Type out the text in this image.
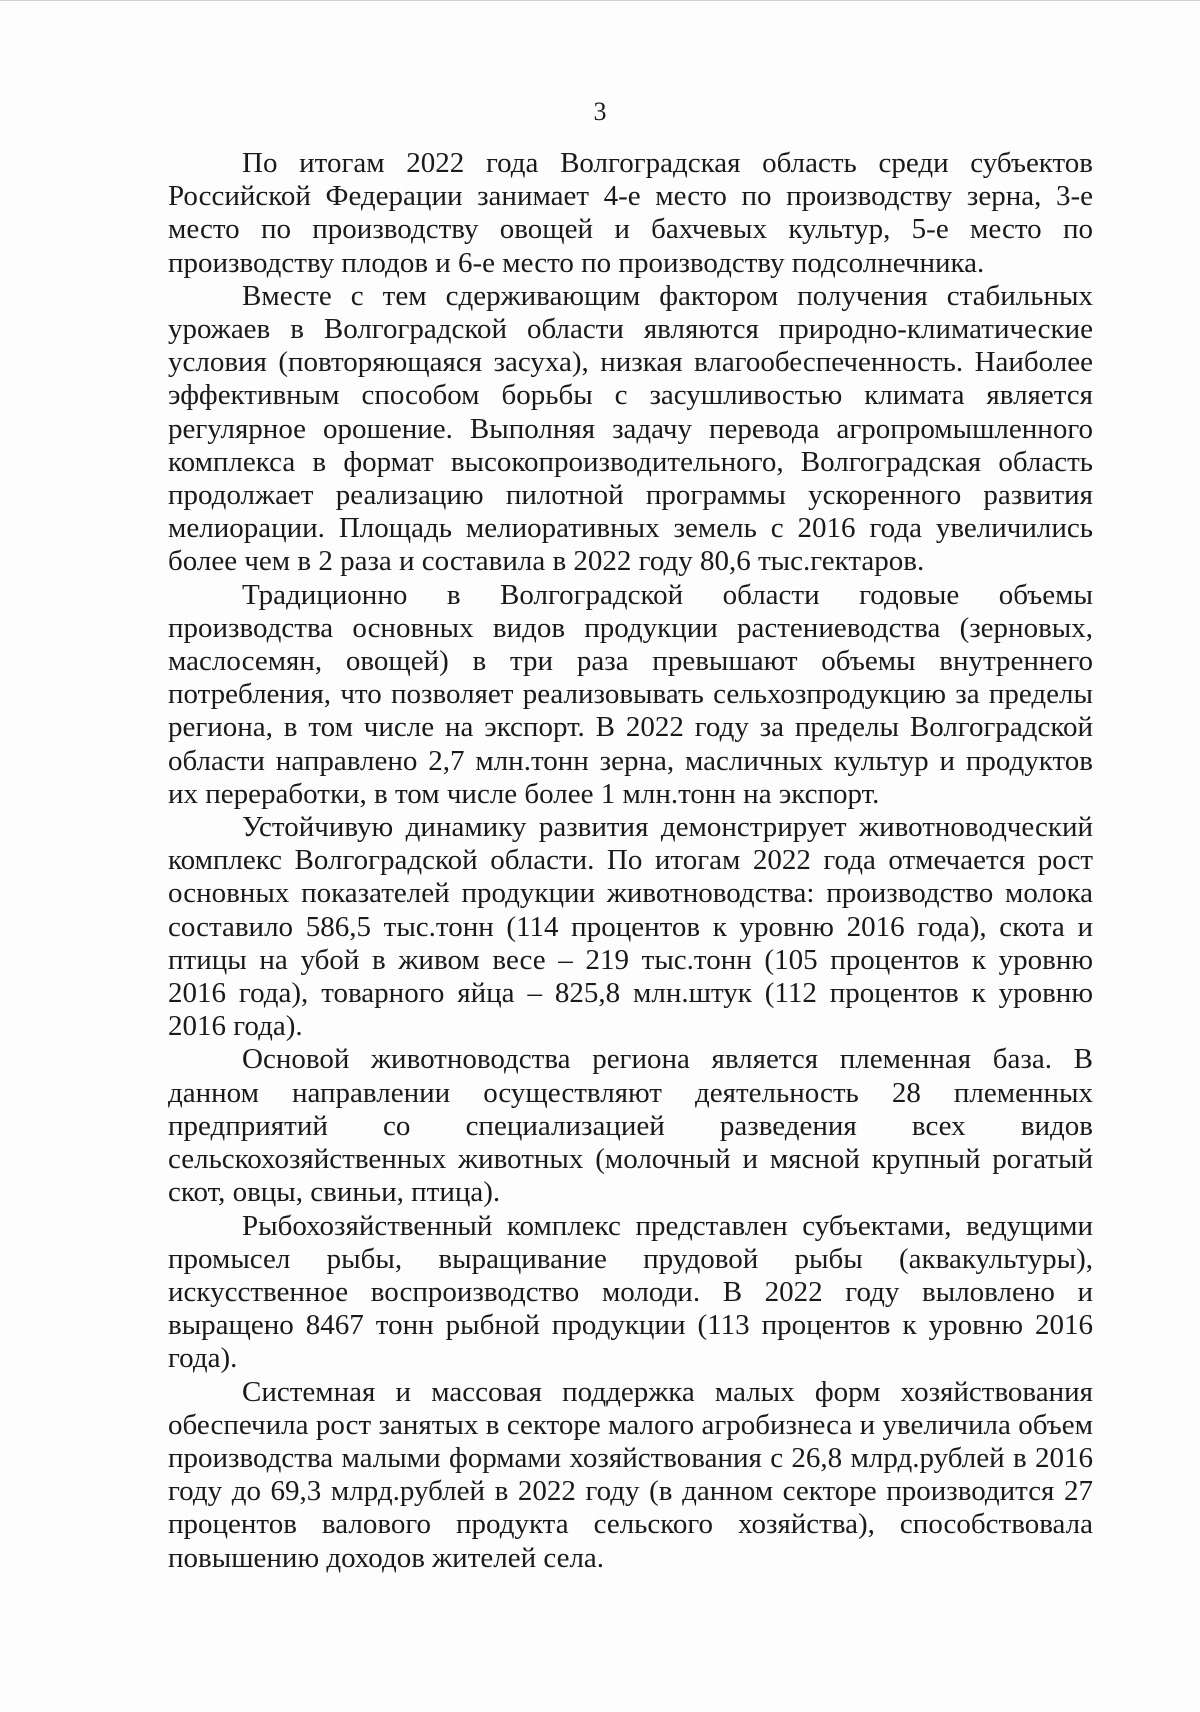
3

По итогам 2022 года Волгоградская область среди субъектов Российской Федерации занимает 4-е место по производству зерна, 3-е место по производству овощей и бахчевых культур, 5-е место по производству плодов и 6-е место по производству подсолнечника.

Вместе с тем сдерживающим фактором получения стабильных урожаев в Волгоградской области являются природно-климатические условия (повторяющаяся засуха), низкая влагообеспеченность. Наиболее эффективным способом борьбы с засушливостью климата является регулярное орошение. Выполняя задачу перевода агропромышленного комплекса в формат высокопроизводительного, Волгоградская область продолжает реализацию пилотной программы ускоренного развития мелиорации. Площадь мелиоративных земель с 2016 года увеличились более чем в 2 раза и составила в 2022 году 80,6 тыс.гектаров.

Традиционно в Волгоградской области годовые объемы производства основных видов продукции растениеводства (зерновых, маслосемян, овощей) в три раза превышают объемы внутреннего потребления, что позволяет реализовывать сельхозпродукцию за пределы региона, в том числе на экспорт. В 2022 году за пределы Волгоградской области направлено 2,7 млн.тонн зерна, масличных культур и продуктов их переработки, в том числе более 1 млн.тонн на экспорт.

Устойчивую динамику развития демонстрирует животноводческий комплекс Волгоградской области. По итогам 2022 года отмечается рост основных показателей продукции животноводства: производство молока составило 586,5 тыс.тонн (114 процентов к уровню 2016 года), скота и птицы на убой в живом весе – 219 тыс.тонн (105 процентов к уровню 2016 года), товарного яйца – 825,8 млн.штук (112 процентов к уровню 2016 года).

Основой животноводства региона является племенная база. В данном направлении осуществляют деятельность 28 племенных предприятий со специализацией разведения всех видов сельскохозяйственных животных (молочный и мясной крупный рогатый скот, овцы, свиньи, птица).

Рыбохозяйственный комплекс представлен субъектами, ведущими промысел рыбы, выращивание прудовой рыбы (аквакультуры), искусственное воспроизводство молоди. В 2022 году выловлено и выращено 8467 тонн рыбной продукции (113 процентов к уровню 2016 года).

Системная и массовая поддержка малых форм хозяйствования обеспечила рост занятых в секторе малого агробизнеса и увеличила объем производства малыми формами хозяйствования с 26,8 млрд.рублей в 2016 году до 69,3 млрд.рублей в 2022 году (в данном секторе производится 27 процентов валового продукта сельского хозяйства), способствовала повышению доходов жителей села.
